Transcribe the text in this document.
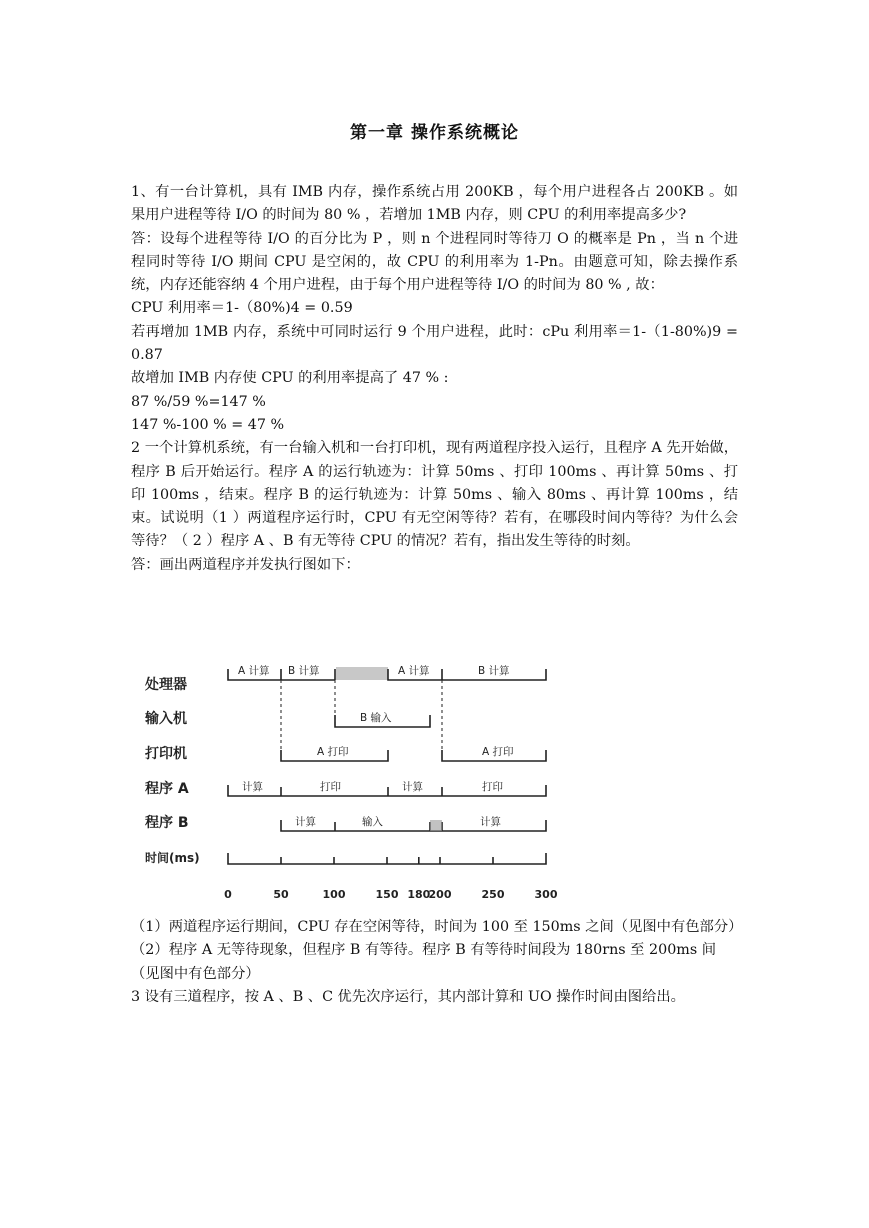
第一章 操作系统概论

1、有一台计算机，具有 IMB 内存，操作系统占用 200KB ，每个用户进程各占 200KB 。如果用户进程等待 I/O 的时间为 80 % ，若增加 1MB 内存，则 CPU 的利用率提高多少?

答：设每个进程等待 I/O 的百分比为 P ，则 n 个进程同时等待刀 O 的概率是 Pn ，当 n 个进程同时等待 I/O 期间 CPU 是空闲的，故 CPU 的利用率为 1-Pn。由题意可知，除去操作系统，内存还能容纳 4 个用户进程，由于每个用户进程等待 I/O 的时间为 80 % , 故：

CPU 利用率＝1-（80%)4 = 0.59

若再增加 1MB 内存，系统中可同时运行 9 个用户进程，此时：cPu 利用率＝1-（1-80%)9 = 0.87

故增加 IMB 内存使 CPU 的利用率提高了 47 % :

87 %/59 %=147 %

147 %-100 % = 47 %

2 一个计算机系统，有一台输入机和一台打印机，现有两道程序投入运行，且程序 A 先开始做，程序 B 后开始运行。程序 A 的运行轨迹为：计算 50ms 、打印 100ms 、再计算 50ms 、打印 100ms ，结束。程序 B 的运行轨迹为：计算 50ms 、输入 80ms 、再计算 100ms ，结束。试说明（1 ）两道程序运行时，CPU 有无空闲等待？若有，在哪段时间内等待？为什么会等待？（ 2 ）程序 A 、B 有无等待 CPU 的情况？若有，指出发生等待的时刻。

答：画出两道程序并发执行图如下：

处理器
输入机
打印机
程序 A
程序 B
时间(ms)
A 计算 B 计算	A 计算	B 计算
B 输入
A 打印	A 打印
计算	打印	计算	打印
计算	输入	计算
0	50	100	150 180
200	250	300

（1）两道程序运行期间，CPU 存在空闲等待，时间为 100 至 150ms 之间（见图中有色部分）

（2）程序 A 无等待现象，但程序 B 有等待。程序 B 有等待时间段为 180rns 至 200ms 间（见图中有色部分）

3 设有三道程序，按 A 、B 、C 优先次序运行，其内部计算和 UO 操作时间由图给出。
